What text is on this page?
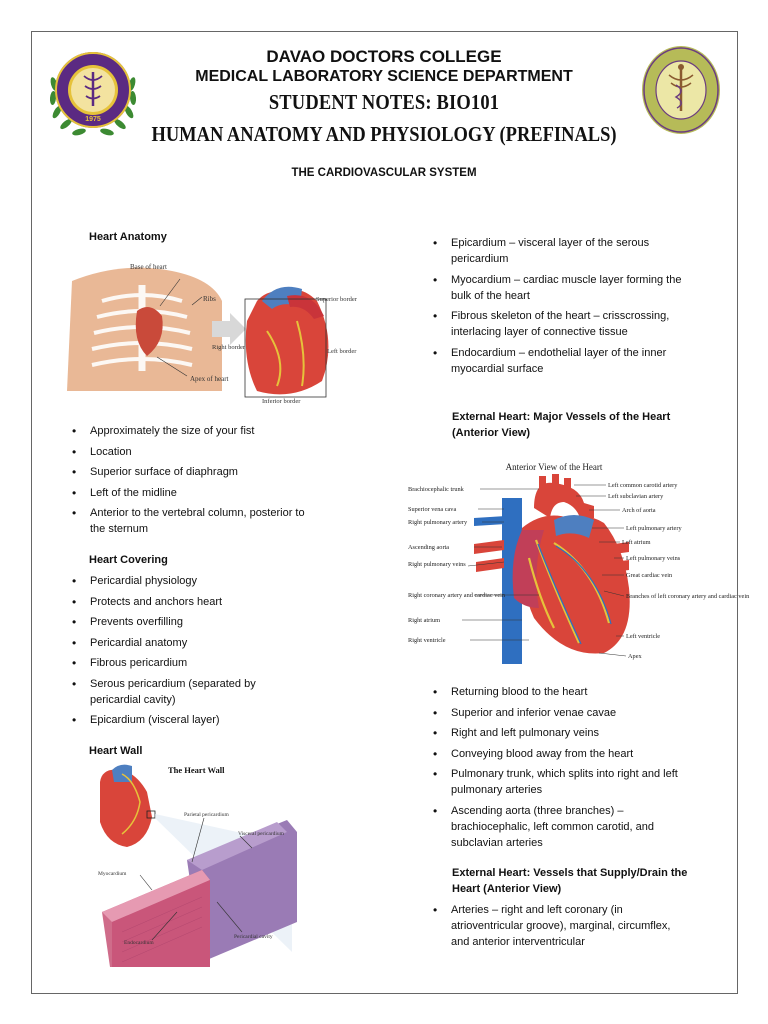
1975
DAVAO DOCTORS COLLEGE
MEDICAL LABORATORY SCIENCE DEPARTMENT
STUDENT NOTES: BIO101
HUMAN ANATOMY AND PHYSIOLOGY (PREFINALS)
THE CARDIOVASCULAR SYSTEM
Heart Anatomy
Base of heart
Ribs
Apex of heart
Superior border
Right border
Left border
Inferior border
• Approximately the size of your fist
• Location
• Superior surface of diaphragm
• Left of the midline
• Anterior to the vertebral column, posterior to the sternum
Heart Covering
• Pericardial physiology
• Protects and anchors heart
• Prevents overfilling
• Pericardial anatomy
• Fibrous pericardium
• Serous pericardium (separated by pericardial cavity)
• Epicardium (visceral layer)
Heart Wall
The Heart Wall
Parietal pericardium
Visceral pericardium
Myocardium
Endocardium
Pericardial cavity
• Epicardium – visceral layer of the serous pericardium
• Myocardium – cardiac muscle layer forming the bulk of the heart
• Fibrous skeleton of the heart – crisscrossing, interlacing layer of connective tissue
• Endocardium – endothelial layer of the inner myocardial surface
External Heart: Major Vessels of the Heart (Anterior View)
Anterior View of the Heart
Brachiocephalic trunk
Superior vena cava
Right pulmonary artery
Ascending aorta
Right pulmonary veins
Right coronary artery and cardiac vein
Right atrium
Right ventricle
Left common carotid artery
Left subclavian artery
Arch of aorta
Left pulmonary artery
Left atrium
Left pulmonary veins
Great cardiac vein
Branches of left coronary artery and cardiac vein
Left ventricle
Apex
• Returning blood to the heart
• Superior and inferior venae cavae
• Right and left pulmonary veins
• Conveying blood away from the heart
• Pulmonary trunk, which splits into right and left pulmonary arteries
• Ascending aorta (three branches) – brachiocephalic, left common carotid, and subclavian arteries
External Heart: Vessels that Supply/Drain the Heart (Anterior View)
• Arteries – right and left coronary (in atrioventricular groove), marginal, circumflex, and anterior interventricular
